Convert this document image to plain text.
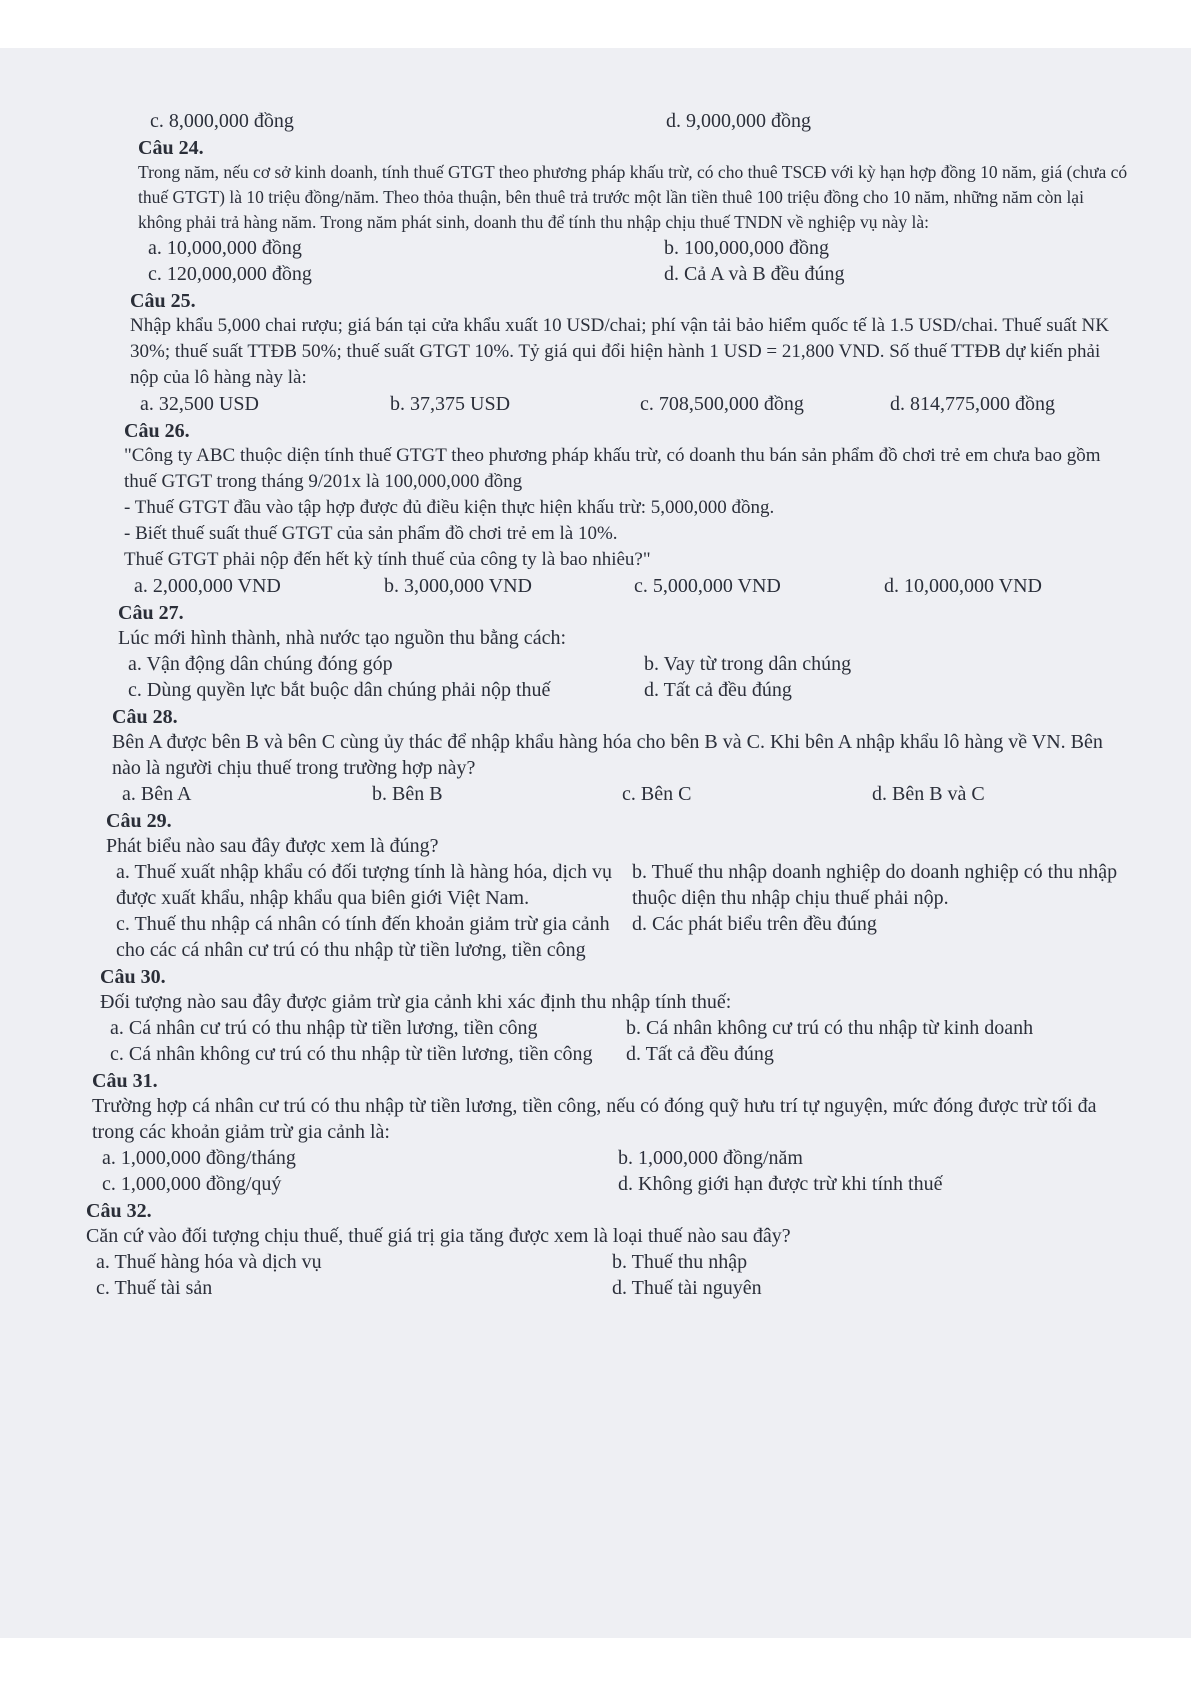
c. 8,000,000 đồng	d. 9,000,000 đồng
Câu 24.
Trong năm, nếu cơ sở kinh doanh, tính thuế GTGT theo phương pháp khấu trừ, có cho thuê TSCĐ với kỳ hạn hợp đồng 10 năm, giá (chưa có thuế GTGT) là 10 triệu đồng/năm. Theo thỏa thuận, bên thuê trả trước một lần tiền thuê 100 triệu đồng cho 10 năm, những năm còn lại không phải trả hàng năm. Trong năm phát sinh, doanh thu để tính thu nhập chịu thuế TNDN về nghiệp vụ này là:
a. 10,000,000 đồng	b. 100,000,000 đồng
c. 120,000,000 đồng	d. Cả A và B đều đúng
Câu 25.
Nhập khẩu 5,000 chai rượu; giá bán tại cửa khẩu xuất 10 USD/chai; phí vận tải bảo hiểm quốc tế là 1.5 USD/chai. Thuế suất NK 30%; thuế suất TTĐB 50%; thuế suất GTGT 10%. Tỷ giá qui đổi hiện hành 1 USD = 21,800 VND. Số thuế TTĐB dự kiến phải nộp của lô hàng này là:
a. 32,500 USD	b. 37,375 USD	c. 708,500,000 đồng	d. 814,775,000 đồng
Câu 26.
"Công ty ABC thuộc diện tính thuế GTGT theo phương pháp khấu trừ, có doanh thu bán sản phẩm đồ chơi trẻ em chưa bao gồm thuế GTGT trong tháng 9/201x là 100,000,000 đồng
- Thuế GTGT đầu vào tập hợp được đủ điều kiện thực hiện khấu trừ: 5,000,000 đồng.
- Biết thuế suất thuế GTGT của sản phẩm đồ chơi trẻ em là 10%.
Thuế GTGT phải nộp đến hết kỳ tính thuế của công ty là bao nhiêu?"
a. 2,000,000 VND	b. 3,000,000 VND	c. 5,000,000 VND	d. 10,000,000 VND
Câu 27.
Lúc mới hình thành, nhà nước tạo nguồn thu bằng cách:
a. Vận động dân chúng đóng góp	b. Vay từ trong dân chúng
c. Dùng quyền lực bắt buộc dân chúng phải nộp thuế	d. Tất cả đều đúng
Câu 28.
Bên A được bên B và bên C cùng ủy thác để nhập khẩu hàng hóa cho bên B và C. Khi bên A nhập khẩu lô hàng về VN. Bên nào là người chịu thuế trong trường hợp này?
a. Bên A	b. Bên B	c. Bên C	d. Bên B và C
Câu 29.
Phát biểu nào sau đây được xem là đúng?
a. Thuế xuất nhập khẩu có đối tượng tính là hàng hóa, dịch vụ được xuất khẩu, nhập khẩu qua biên giới Việt Nam.
b. Thuế thu nhập doanh nghiệp do doanh nghiệp có thu nhập thuộc diện thu nhập chịu thuế phải nộp.
c. Thuế thu nhập cá nhân có tính đến khoản giảm trừ gia cảnh cho các cá nhân cư trú có thu nhập từ tiền lương, tiền công
d. Các phát biểu trên đều đúng
Câu 30.
Đối tượng nào sau đây được giảm trừ gia cảnh khi xác định thu nhập tính thuế:
a. Cá nhân cư trú có thu nhập từ tiền lương, tiền công	b. Cá nhân không cư trú có thu nhập từ kinh doanh
c. Cá nhân không cư trú có thu nhập từ tiền lương, tiền công	d. Tất cả đều đúng
Câu 31.
Trường hợp cá nhân cư trú có thu nhập từ tiền lương, tiền công, nếu có đóng quỹ hưu trí tự nguyện, mức đóng được trừ tối đa trong các khoản giảm trừ gia cảnh là:
a. 1,000,000 đồng/tháng	b. 1,000,000 đồng/năm
c. 1,000,000 đồng/quý	d. Không giới hạn được trừ khi tính thuế
Câu 32.
Căn cứ vào đối tượng chịu thuế, thuế giá trị gia tăng được xem là loại thuế nào sau đây?
a. Thuế hàng hóa và dịch vụ	b. Thuế thu nhập
c. Thuế tài sản	d. Thuế tài nguyên
